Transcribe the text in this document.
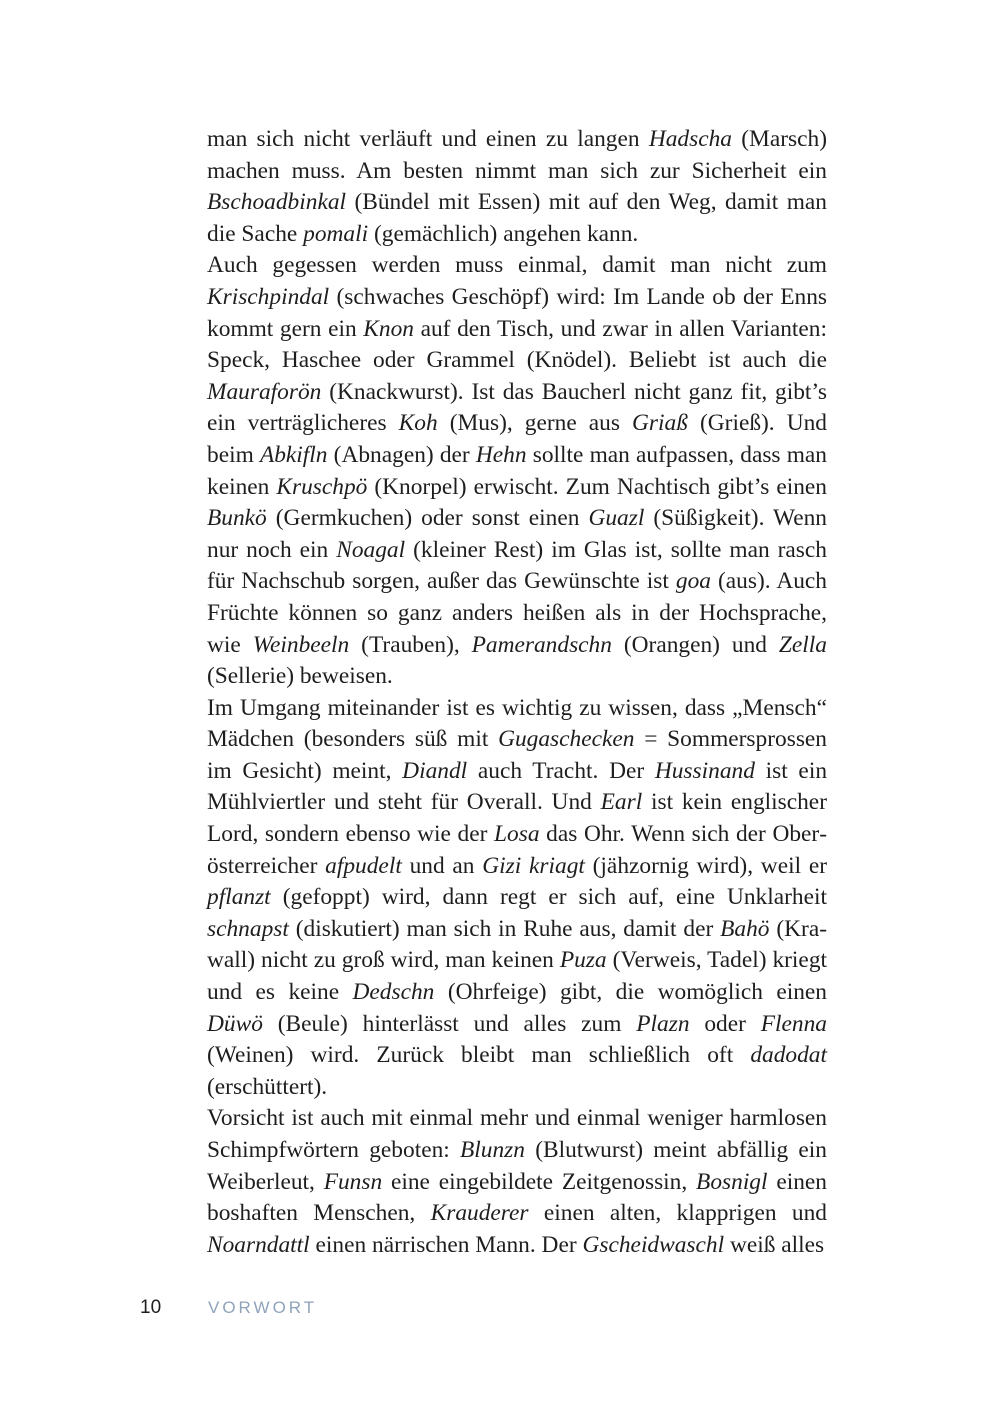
man sich nicht verläuft und einen zu langen Hadscha (Marsch) machen muss. Am besten nimmt man sich zur Sicherheit ein Bschoadbinkal (Bündel mit Essen) mit auf den Weg, damit man die Sache pomali (gemächlich) angehen kann.

Auch gegessen werden muss einmal, damit man nicht zum Krischpindal (schwaches Geschöpf) wird: Im Lande ob der Enns kommt gern ein Knon auf den Tisch, und zwar in allen Varianten: Speck, Haschee oder Grammel (Knödel). Beliebt ist auch die Mauraforön (Knackwurst). Ist das Baucherl nicht ganz fit, gibt’s ein verträglicheres Koh (Mus), gerne aus Griaß (Grieß). Und beim Abkifln (Abnagen) der Hehn sollte man aufpassen, dass man keinen Kruschpö (Knorpel) erwischt. Zum Nachtisch gibt’s einen Bunkö (Germkuchen) oder sonst einen Guazl (Süßigkeit). Wenn nur noch ein Noagal (kleiner Rest) im Glas ist, sollte man rasch für Nachschub sorgen, außer das Gewünschte ist goa (aus). Auch Früchte können so ganz anders heißen als in der Hochsprache, wie Weinbeeln (Trauben), Pamerandschn (Orangen) und Zella (Sellerie) beweisen.

Im Umgang miteinander ist es wichtig zu wissen, dass „Mensch“ Mädchen (besonders süß mit Gugaschecken = Sommersprossen im Gesicht) meint, Diandl auch Tracht. Der Hussinand ist ein Mühlviertler und steht für Overall. Und Earl ist kein englischer Lord, sondern ebenso wie der Losa das Ohr. Wenn sich der Oberösterreicher afpudelt und an Gizi kriagt (jähzornig wird), weil er pflanzt (gefoppt) wird, dann regt er sich auf, eine Unklarheit schnapst (diskutiert) man sich in Ruhe aus, damit der Bahö (Krawall) nicht zu groß wird, man keinen Puza (Verweis, Tadel) kriegt und es keine Dedschn (Ohrfeige) gibt, die womöglich einen Düwö (Beule) hinterlässt und alles zum Plazn oder Flenna (Weinen) wird. Zurück bleibt man schließlich oft dadodat (erschüttert).

Vorsicht ist auch mit einmal mehr und einmal weniger harmlosen Schimpfwörtern geboten: Blunzn (Blutwurst) meint abfällig ein Weiberleut, Funsn eine eingebildete Zeitgenossin, Bosnigl einen boshaften Menschen, Krauderer einen alten, klapprigen und Noarndattl einen närrischen Mann. Der Gscheidwaschl weiß alles

10	VORWORT
